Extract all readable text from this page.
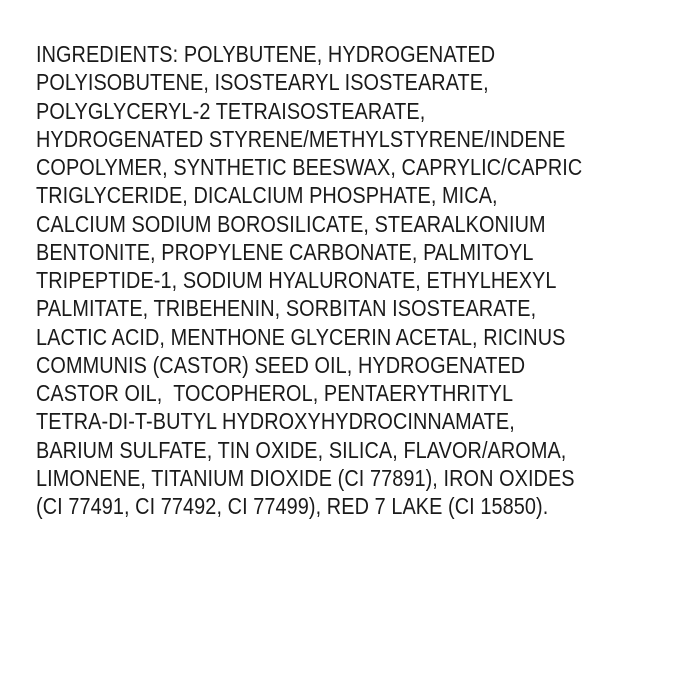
INGREDIENTS: POLYBUTENE, HYDROGENATED
POLYISOBUTENE, ISOSTEARYL ISOSTEARATE,
POLYGLYCERYL-2 TETRAISOSTEARATE,
HYDROGENATED STYRENE/METHYLSTYRENE/INDENE
COPOLYMER, SYNTHETIC BEESWAX, CAPRYLIC/CAPRIC
TRIGLYCERIDE, DICALCIUM PHOSPHATE, MICA,
CALCIUM SODIUM BOROSILICATE, STEARALKONIUM
BENTONITE, PROPYLENE CARBONATE, PALMITOYL
TRIPEPTIDE-1, SODIUM HYALURONATE, ETHYLHEXYL
PALMITATE, TRIBEHENIN, SORBITAN ISOSTEARATE,
LACTIC ACID, MENTHONE GLYCERIN ACETAL, RICINUS
COMMUNIS (CASTOR) SEED OIL, HYDROGENATED
CASTOR OIL,  TOCOPHEROL, PENTAERYTHRITYL
TETRA-DI-T-BUTYL HYDROXYHYDROCINNAMATE,
BARIUM SULFATE, TIN OXIDE, SILICA, FLAVOR/AROMA,
LIMONENE, TITANIUM DIOXIDE (CI 77891), IRON OXIDES
(CI 77491, CI 77492, CI 77499), RED 7 LAKE (CI 15850).
